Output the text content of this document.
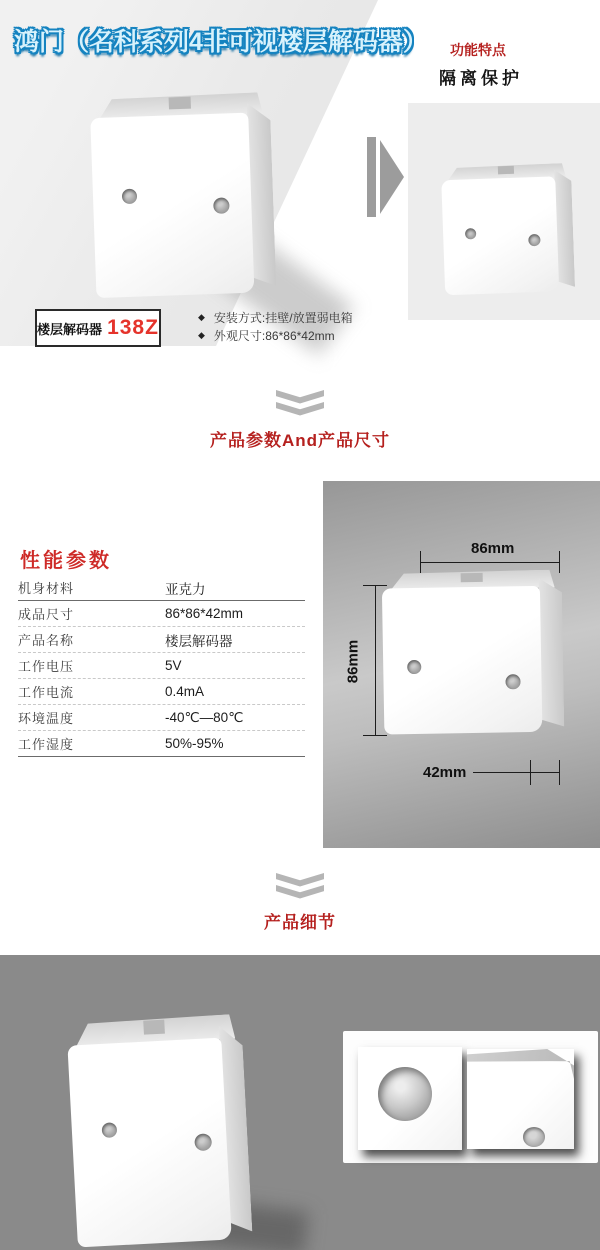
鸿门（名科系列4非可视楼层解码器）	功能特点
隔离保护
楼层解码器 138Z	◆ 安装方式:挂壁/放置弱电箱
◆ 外观尺寸:86*86*42mm
产品参数And产品尺寸
性能参数
机身材料	亚克力
成品尺寸	86*86*42mm
产品名称	楼层解码器
工作电压	5V
工作电流	0.4mA
环境温度	-40℃—80℃
工作湿度	50%-95%
86mm
86mm
42mm
产品细节
